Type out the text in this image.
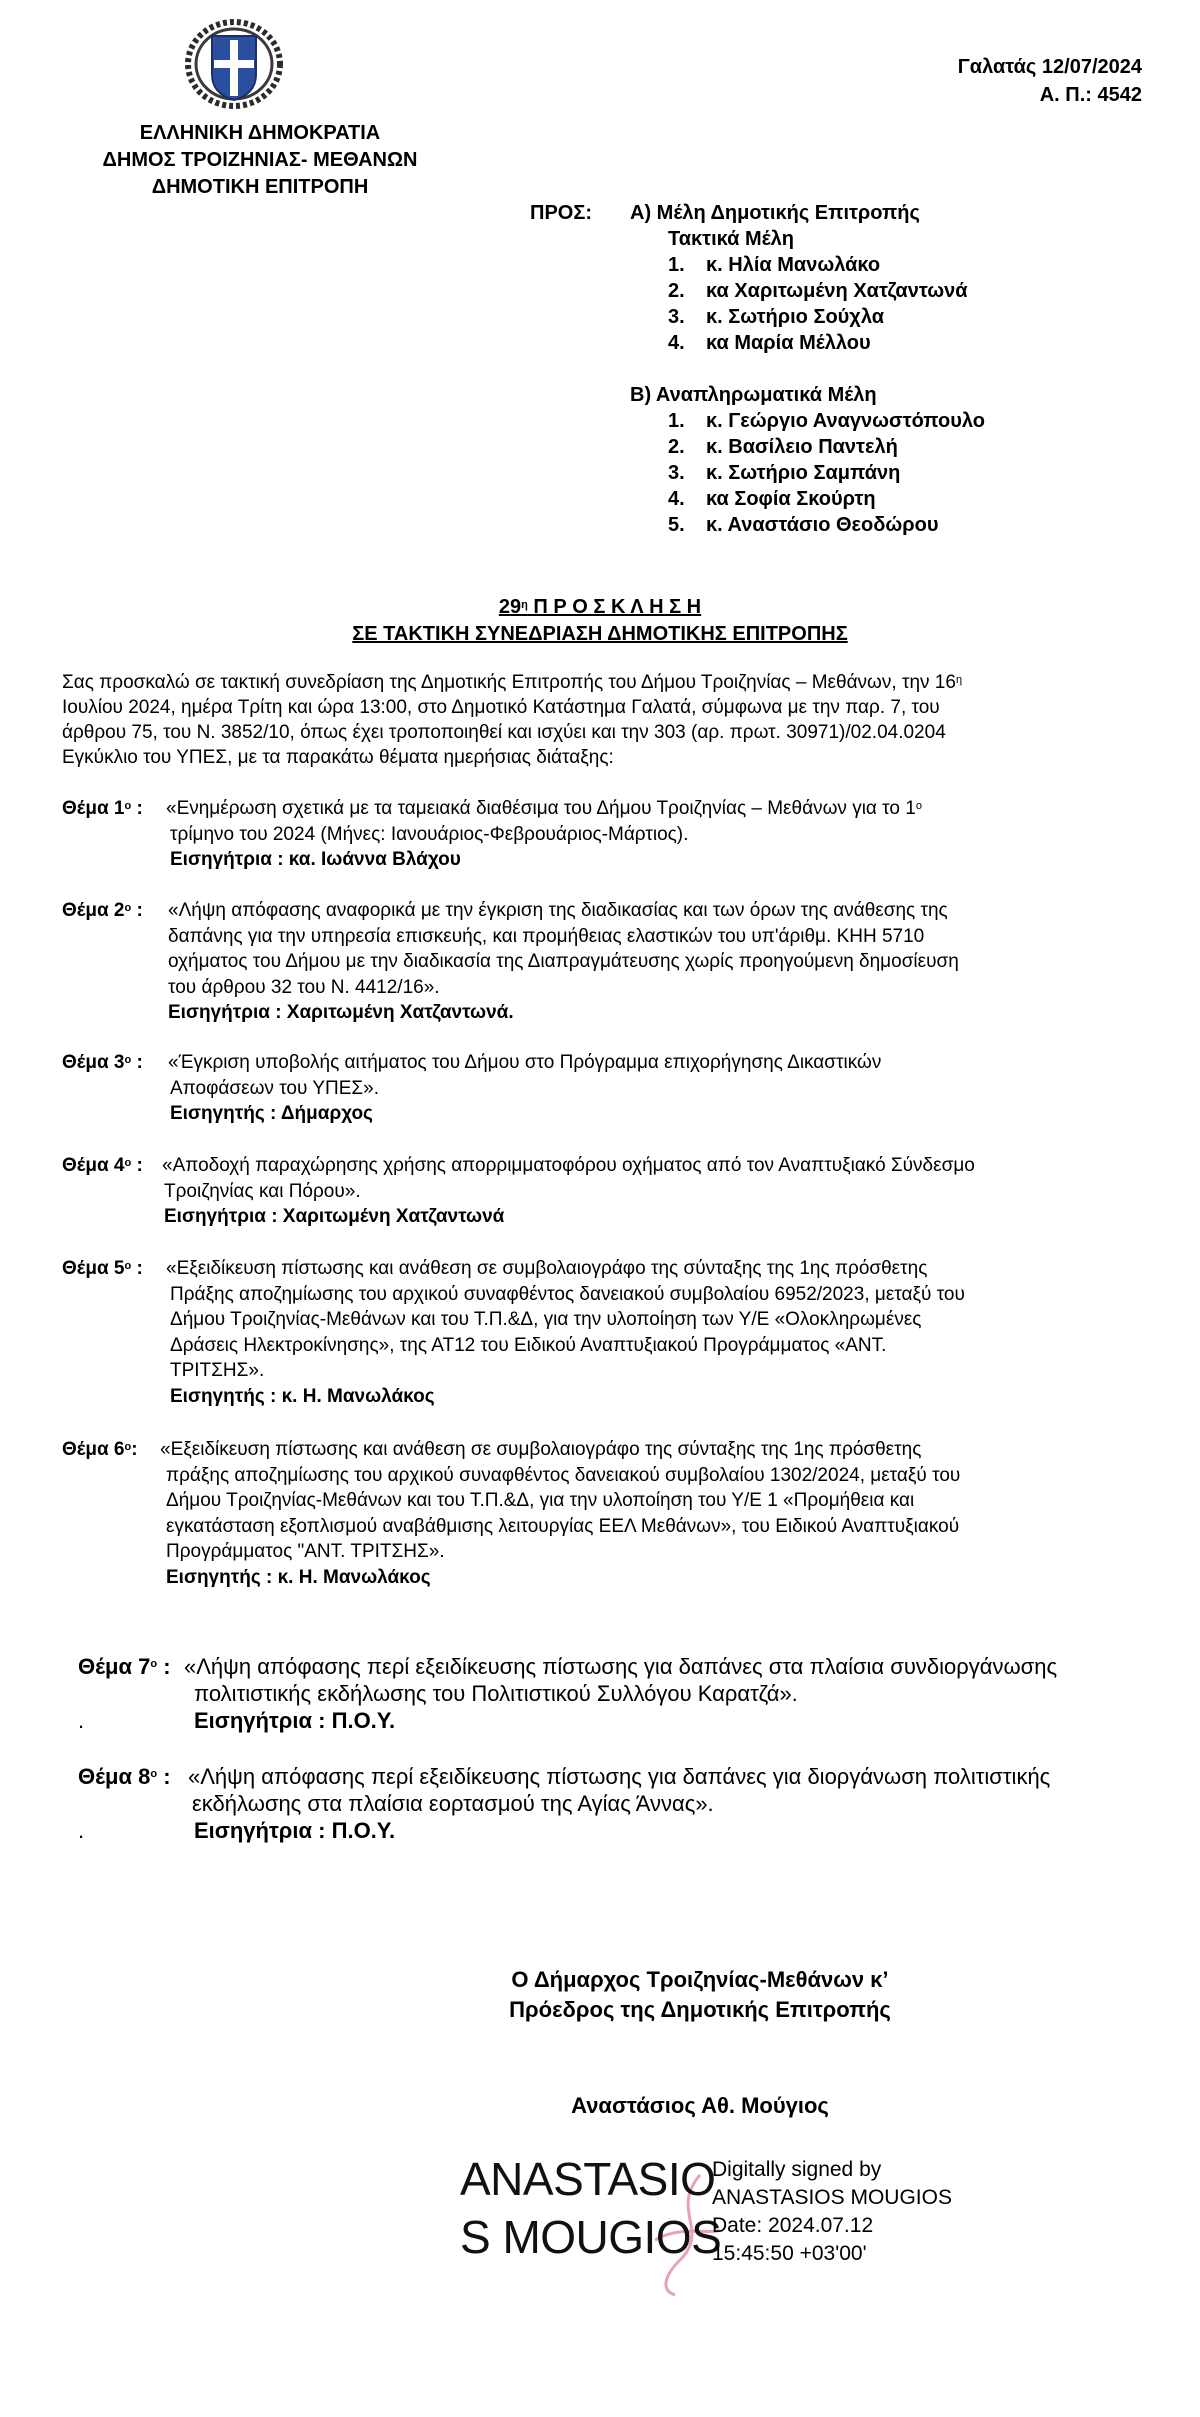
ΕΛΛΗΝΙΚΗ ΔΗΜΟΚΡΑΤΙΑ
ΔΗΜΟΣ ΤΡΟΙΖΗΝΙΑΣ- ΜΕΘΑΝΩΝ
ΔΗΜΟΤΙΚΗ ΕΠΙΤΡΟΠΗ
Γαλατάς 12/07/2024
Α. Π.: 4542
ΠΡΟΣ: Α) Μέλη Δημοτικής Επιτροπής
Τακτικά Μέλη
1. κ. Ηλία Μανωλάκο
2. κα Χαριτωμένη Χατζαντωνά
3. κ. Σωτήριο Σούχλα
4. κα Μαρία Μέλλου
Β) Αναπληρωματικά Μέλη
1. κ. Γεώργιο Αναγνωστόπουλο
2. κ. Βασίλειο Παντελή
3. κ. Σωτήριο Σαμπάνη
4. κα Σοφία Σκούρτη
5. κ. Αναστάσιο Θεοδώρου
$29^\eta$ Π Ρ Ο Σ Κ Λ Η Σ Η
ΣΕ ΤΑΚΤΙΚΗ ΣΥΝΕΔΡΙΑΣΗ ΔΗΜΟΤΙΚΗΣ ΕΠΙΤΡΟΠΗΣ
Σας προσκαλώ σε τακτική συνεδρίαση της Δημοτικής Επιτροπής του Δήμου Τροιζηνίας – Μεθάνων, την $16^\eta$
Ιουλίου 2024, ημέρα Τρίτη και ώρα 13:00, στο Δημοτικό Κατάστημα Γαλατά, σύμφωνα με την παρ. 7, του
άρθρου 75, του Ν. 3852/10, όπως έχει τροποποιηθεί και ισχύει και την 303 (αρ. πρωτ. 30971)/02.04.0204
Εγκύκλιο του ΥΠΕΣ, με τα παρακάτω θέματα ημερήσιας διάταξης:
Θέμα $1^o$ : «Ενημέρωση σχετικά με τα ταμειακά διαθέσιμα του Δήμου Τροιζηνίας – Μεθάνων για το $1^o$
τρίμηνο του 2024 (Μήνες: Ιανουάριος-Φεβρουάριος-Μάρτιος).
Εισηγήτρια : κα. Ιωάννα Βλάχου
Θέμα $2^o$ : «Λήψη απόφασης αναφορικά με την έγκριση της διαδικασίας και των όρων της ανάθεσης της
δαπάνης για την υπηρεσία επισκευής, και προμήθειας ελαστικών του υπ'άριθμ. ΚΗΗ 5710
οχήματος του Δήμου με την διαδικασία της Διαπραγμάτευσης χωρίς προηγούμενη δημοσίευση
του άρθρου 32 του Ν. 4412/16».
Εισηγήτρια : Χαριτωμένη Χατζαντωνά.
Θέμα $3^o$ : «Έγκριση υποβολής αιτήματος του Δήμου στο Πρόγραμμα επιχορήγησης Δικαστικών
Αποφάσεων του ΥΠΕΣ».
Εισηγητής : Δήμαρχος
Θέμα $4^o$ : «Αποδοχή παραχώρησης χρήσης απορριμματοφόρου οχήματος από τον Αναπτυξιακό Σύνδεσμο
Τροιζηνίας και Πόρου».
Εισηγήτρια : Χαριτωμένη Χατζαντωνά
Θέμα $5^o$ : «Εξειδίκευση πίστωσης και ανάθεση σε συμβολαιογράφο της σύνταξης της 1ης πρόσθετης
Πράξης αποζημίωσης του αρχικού συναφθέντος δανειακού συμβολαίου 6952/2023, μεταξύ του
Δήμου Τροιζηνίας-Μεθάνων και του Τ.Π.&Δ, για την υλοποίηση των Υ/Ε «Ολοκληρωμένες
Δράσεις Ηλεκτροκίνησης», της ΑΤ12 του Ειδικού Αναπτυξιακού Προγράμματος «ΑΝΤ.
ΤΡΙΤΣΗΣ».
Εισηγητής : κ. Η. Μανωλάκος
Θέμα $6^o$: «Εξειδίκευση πίστωσης και ανάθεση σε συμβολαιογράφο της σύνταξης της 1ης πρόσθετης
πράξης αποζημίωσης του αρχικού συναφθέντος δανειακού συμβολαίου 1302/2024, μεταξύ του
Δήμου Τροιζηνίας-Μεθάνων και του Τ.Π.&Δ, για την υλοποίηση του Υ/Ε 1 «Προμήθεια και
εγκατάσταση εξοπλισμού αναβάθμισης λειτουργίας ΕΕΛ Μεθάνων», του Ειδικού Αναπτυξιακού
Προγράμματος "ΑΝΤ. ΤΡΙΤΣΗΣ».
Εισηγητής : κ. Η. Μανωλάκος
Θέμα $7^o$ : «Λήψη απόφασης περί εξειδίκευσης πίστωσης για δαπάνες στα πλαίσια συνδιοργάνωσης
πολιτιστικής εκδήλωσης του Πολιτιστικού Συλλόγου Καρατζά».
Εισηγήτρια : Π.Ο.Υ.
.
Θέμα $8^o$ : «Λήψη απόφασης περί εξειδίκευσης πίστωσης για δαπάνες για διοργάνωση πολιτιστικής
εκδήλωσης στα πλαίσια εορτασμού της Αγίας Άννας».
Εισηγήτρια : Π.Ο.Υ.
.
Ο Δήμαρχος Τροιζηνίας-Μεθάνων κ’
Πρόεδρος της Δημοτικής Επιτροπής
Αναστάσιος Αθ. Μούγιος
ANASTASIO
S MOUGIOS
Digitally signed by
ANASTASIOS MOUGIOS
Date: 2024.07.12
15:45:50 +03'00'
